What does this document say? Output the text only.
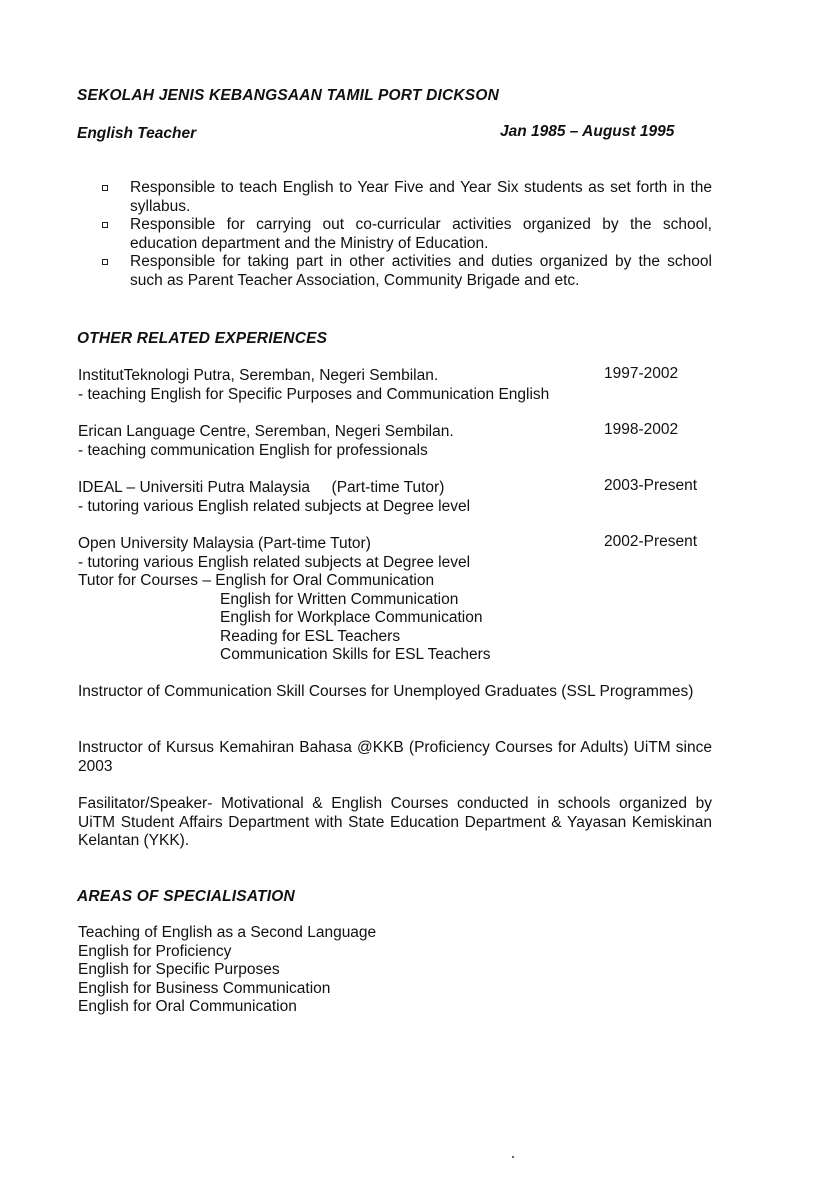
SEKOLAH JENIS KEBANGSAAN TAMIL PORT DICKSON
English Teacher	Jan 1985 – August 1995
Responsible to teach English to Year Five and Year Six students as set forth in the syllabus.
Responsible for carrying out co-curricular activities organized by the school, education department and the Ministry of Education.
Responsible for taking part in other activities and duties organized by the school such as Parent Teacher Association, Community Brigade and etc.
OTHER RELATED EXPERIENCES
InstitutTeknologi Putra, Seremban, Negeri Sembilan.	1997-2002
- teaching English for Specific Purposes and Communication English
Erican Language Centre, Seremban, Negeri Sembilan.	1998-2002
- teaching communication English for professionals
IDEAL – Universiti Putra Malaysia     (Part-time Tutor)	2003-Present
- tutoring various English related subjects at Degree level
Open University Malaysia (Part-time Tutor)	2002-Present
- tutoring various English related subjects at Degree level
Tutor for Courses – English for Oral Communication
English for Written Communication
English for Workplace Communication
Reading for ESL Teachers
Communication Skills for ESL Teachers
Instructor of Communication Skill Courses for Unemployed Graduates (SSL Programmes)
Instructor of Kursus Kemahiran Bahasa @KKB (Proficiency Courses for Adults) UiTM since 2003
Fasilitator/Speaker- Motivational & English Courses conducted in schools organized by UiTM Student Affairs Department with State Education Department & Yayasan Kemiskinan Kelantan (YKK).
AREAS OF SPECIALISATION
Teaching of English as a Second Language
English for Proficiency
English for Specific Purposes
English for Business Communication
English for Oral Communication
